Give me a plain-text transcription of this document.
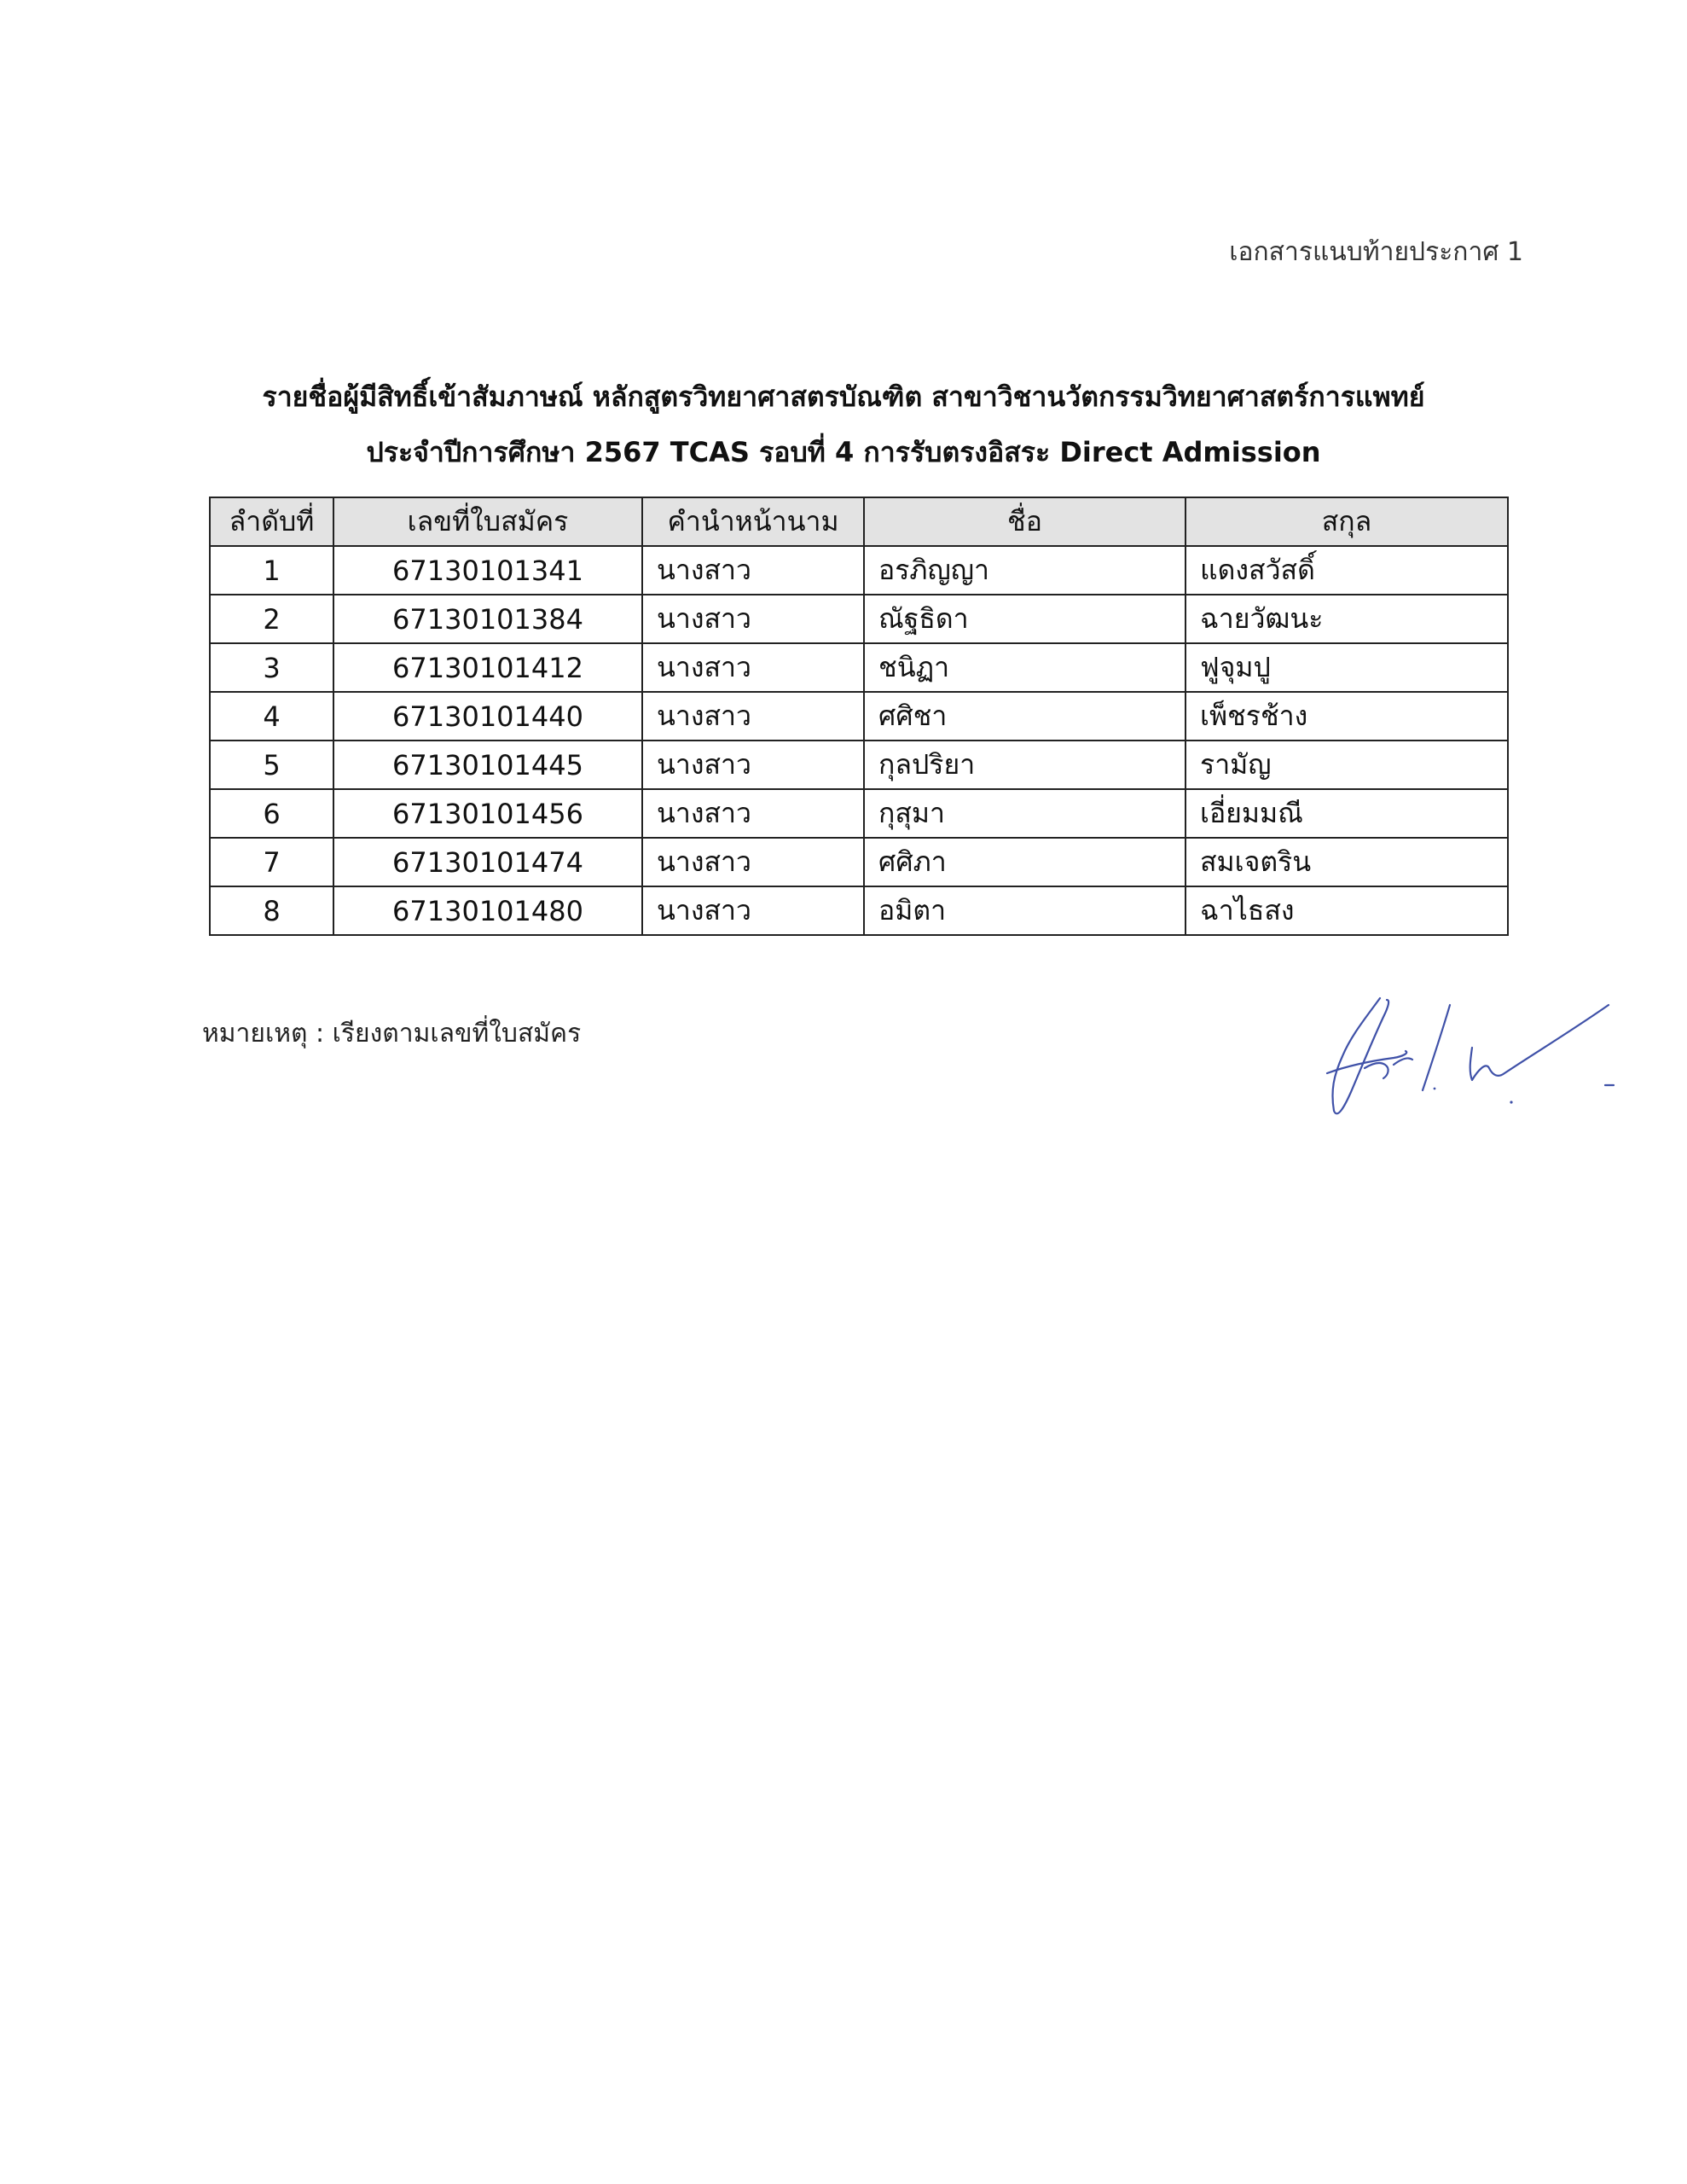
เอกสารแนบท้ายประกาศ 1
รายชื่อผู้มีสิทธิ์เข้าสัมภาษณ์ หลักสูตรวิทยาศาสตรบัณฑิต สาขาวิชานวัตกรรมวิทยาศาสตร์การแพทย์
ประจำปีการศึกษา 2567 TCAS รอบที่ 4 การรับตรงอิสระ Direct Admission
ลำดับที่	เลขที่ใบสมัคร	คำนำหน้านาม	ชื่อ	สกุล
1	67130101341	นางสาว	อรภิญญา	แดงสวัสดิ์
2	67130101384	นางสาว	ณัฐธิดา	ฉายวัฒนะ
3	67130101412	นางสาว	ชนิฏา	ฟูจุมปู
4	67130101440	นางสาว	ศศิชา	เพ็ชรช้าง
5	67130101445	นางสาว	กุลปริยา	รามัญ
6	67130101456	นางสาว	กุสุมา	เอี่ยมมณี
7	67130101474	นางสาว	ศศิภา	สมเจตริน
8	67130101480	นางสาว	อมิตา	ฉาไธสง
หมายเหตุ : เรียงตามเลขที่ใบสมัคร
